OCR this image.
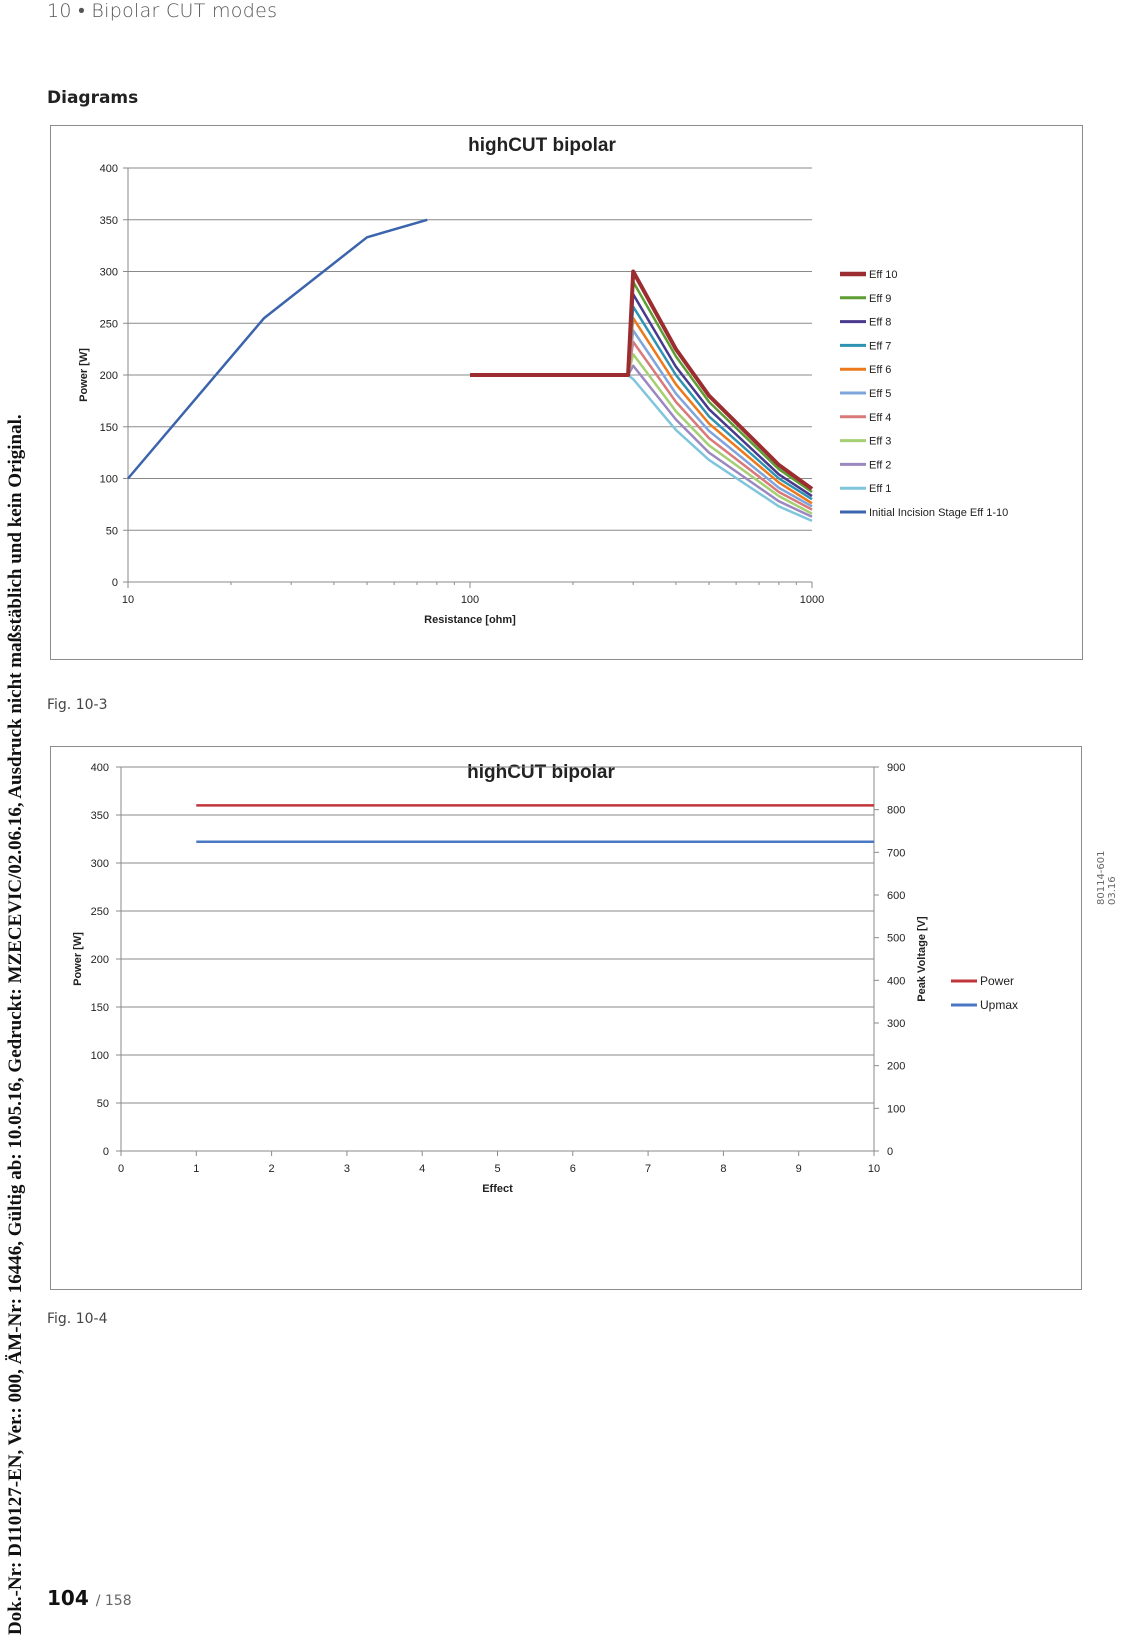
10 • Bipolar CUT modes
Diagrams
Dok.-Nr: D110127-EN, Ver.: 000, ÄM-Nr: 16446, Gültig ab: 10.05.16, Gedruckt: MZECEVIC/02.06.16, Ausdruck nicht maßstäblich und kein Original.	80114-601 03.16
highCUT bipolar
0
50
100
150
200
250
300
350
400
10	100	1000
Resistance [ohm]
Power [W]
Eff 10
Eff 9
Eff 8
Eff 7
Eff 6
Eff 5
Eff 4
Eff 3
Eff 2
Eff 1
Initial Incision Stage Eff 1-10
Fig. 10-3
highCUT bipolar
0
50
100
150
200
250
300
350
400
0
100
200
300
400
500
600
700
800
900
0	1	2	3	4	5	6	7	8	9	10
Effect
Power [W]	Peak Voltage [V]	Power
Upmax
Fig. 10-4
104 / 158
